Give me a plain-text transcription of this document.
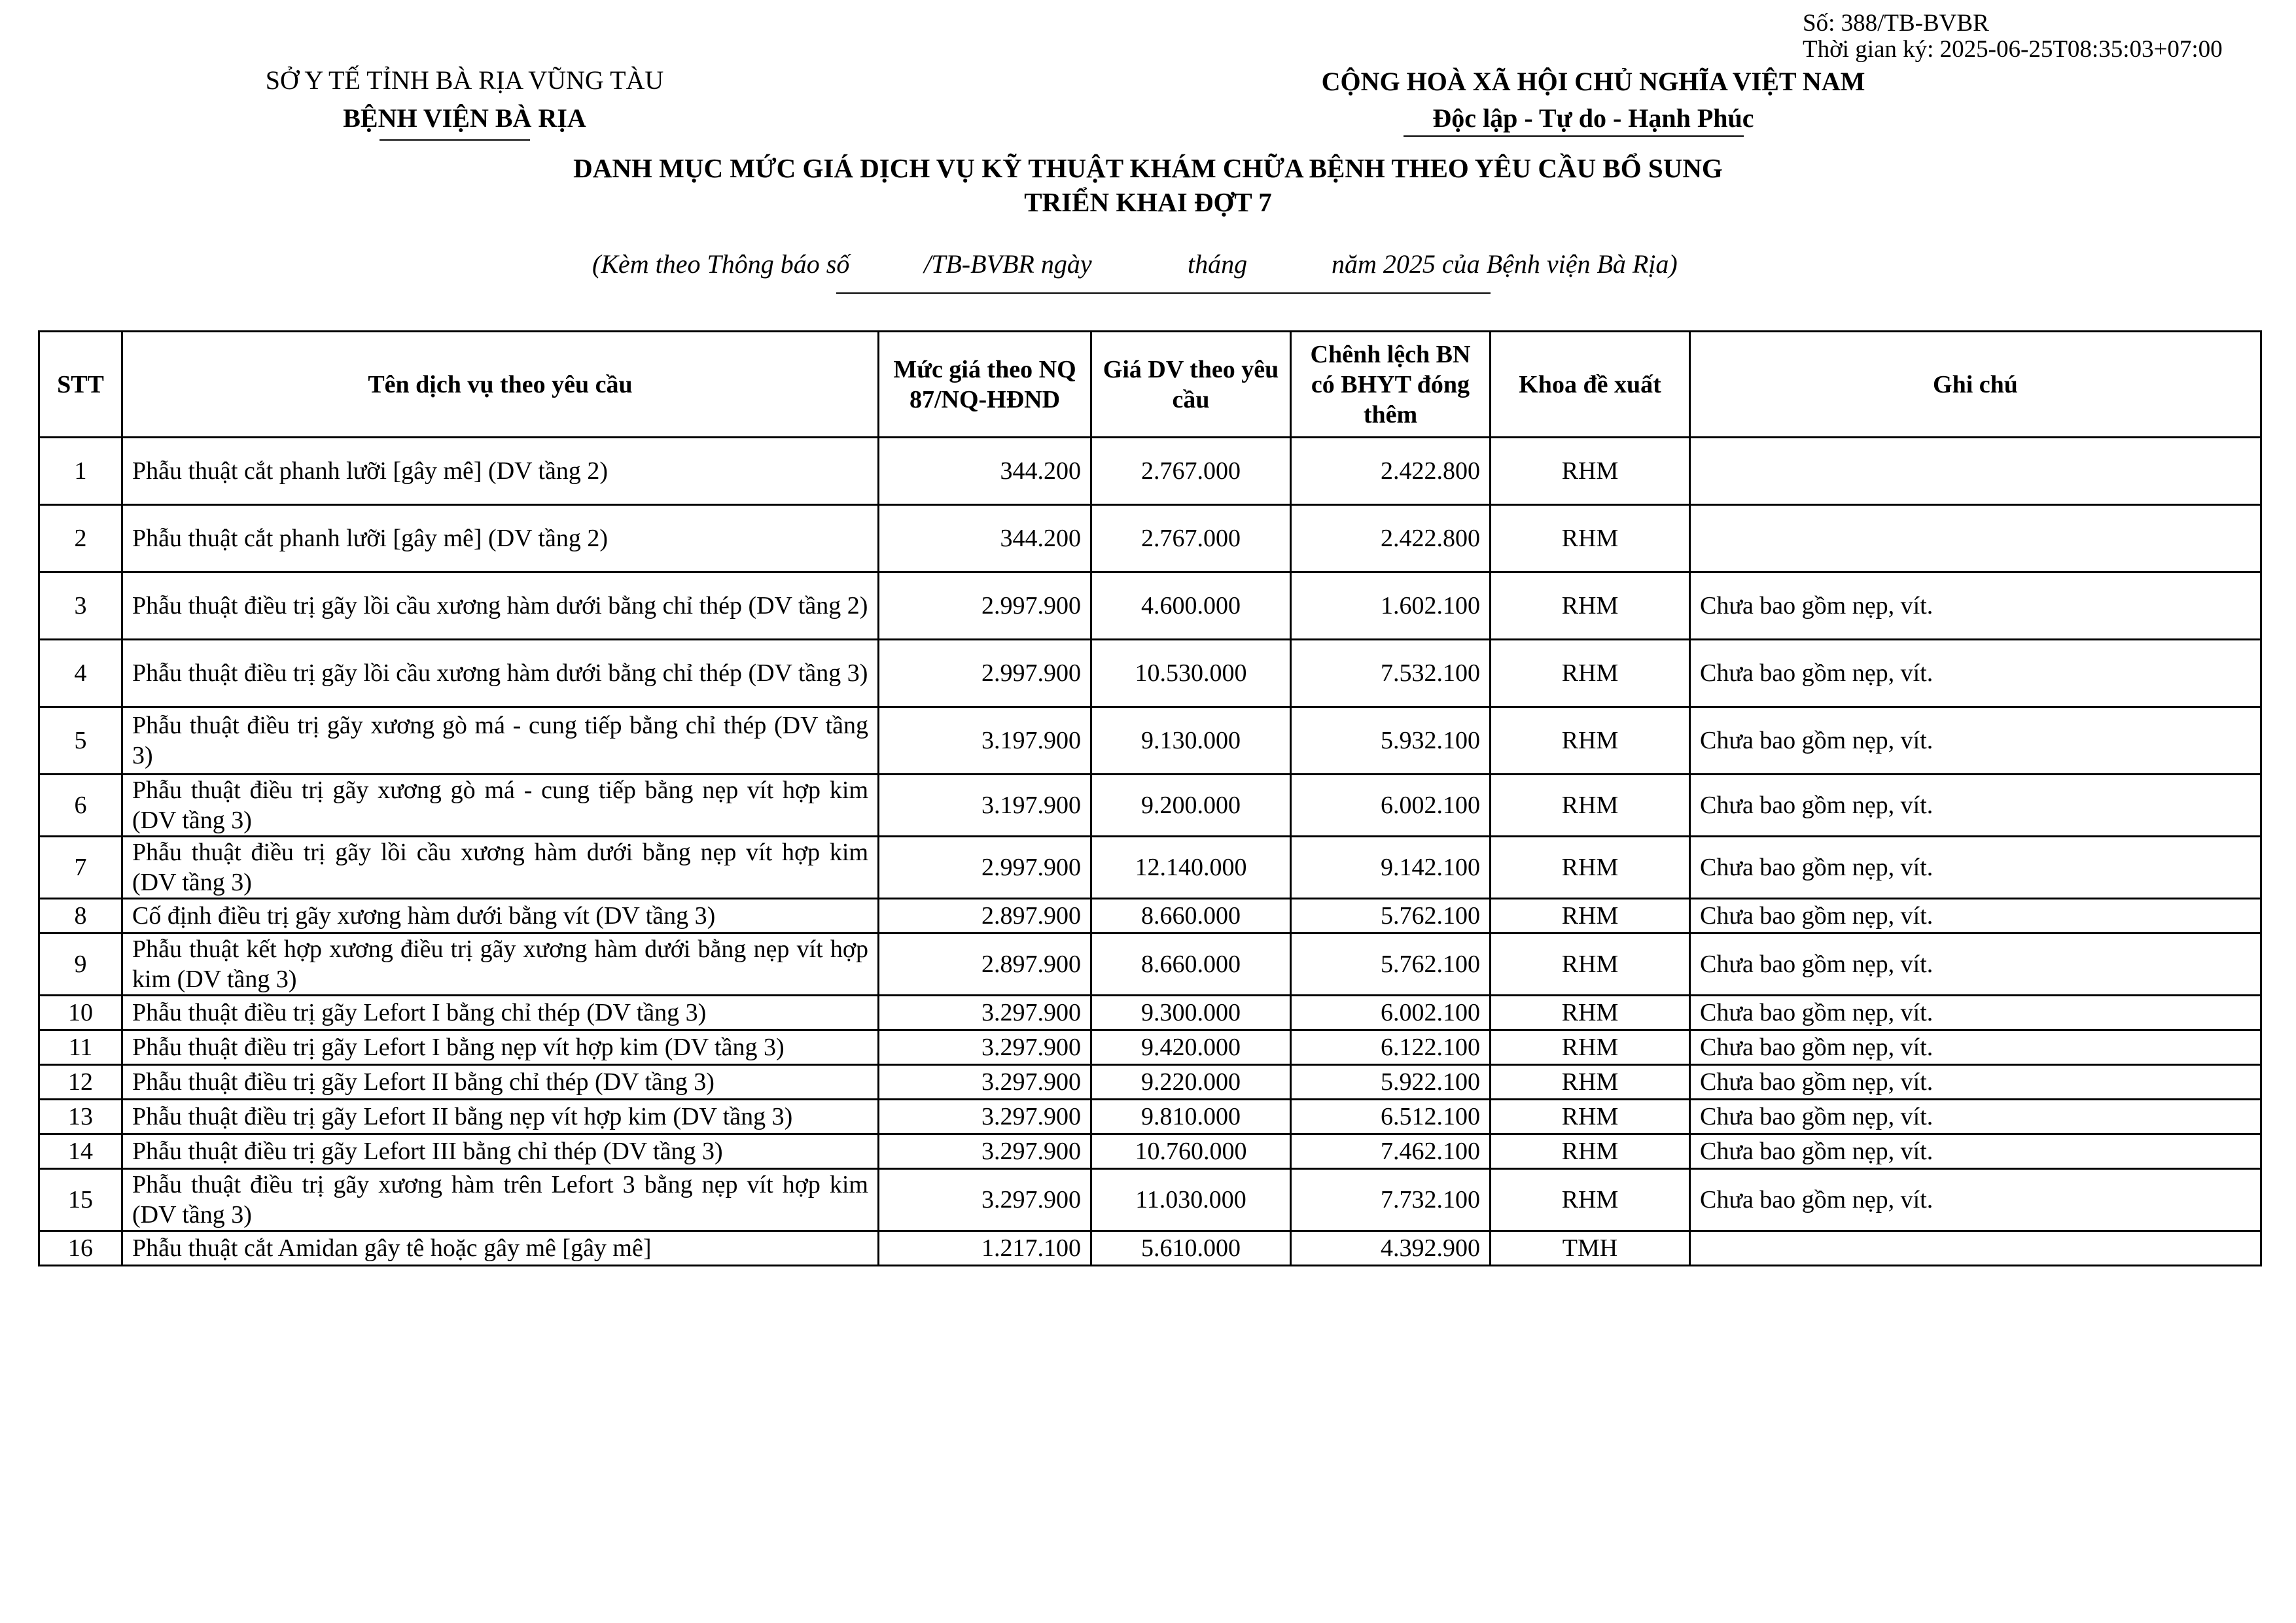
Số: 388/TB-BVBR
Thời gian ký: 2025-06-25T08:35:03+07:00
SỞ Y TẾ TỈNH BÀ RỊA VŨNG TÀU
BỆNH VIỆN BÀ RỊA
CỘNG HOÀ XÃ HỘI CHỦ NGHĨA VIỆT NAM
Độc lập - Tự do - Hạnh Phúc
DANH MỤC MỨC GIÁ DỊCH VỤ KỸ THUẬT KHÁM CHỮA BỆNH THEO YÊU CẦU BỔ SUNG
TRIỂN KHAI ĐỢT 7
(Kèm theo Thông báo số	/TB-BVBR ngày	tháng	năm 2025 của Bệnh viện Bà Rịa)
STT	Tên dịch vụ theo yêu cầu	Mức giá theo NQ 87/NQ-HĐND	Giá DV theo yêu cầu	Chênh lệch BN có BHYT đóng thêm	Khoa đề xuất	Ghi chú
1	Phẫu thuật cắt phanh lưỡi [gây mê] (DV tầng 2)	344.200	2.767.000	2.422.800	RHM	
2	Phẫu thuật cắt phanh lưỡi [gây mê] (DV tầng 2)	344.200	2.767.000	2.422.800	RHM	
3	Phẫu thuật điều trị gãy lồi cầu xương hàm dưới bằng chỉ thép (DV tầng 2)	2.997.900	4.600.000	1.602.100	RHM	Chưa bao gồm nẹp, vít.
4	Phẫu thuật điều trị gãy lồi cầu xương hàm dưới bằng chỉ thép (DV tầng 3)	2.997.900	10.530.000	7.532.100	RHM	Chưa bao gồm nẹp, vít.
5	Phẫu thuật điều trị gãy xương gò má - cung tiếp bằng chỉ thép (DV tầng 3)	3.197.900	9.130.000	5.932.100	RHM	Chưa bao gồm nẹp, vít.
6	Phẫu thuật điều trị gãy xương gò má - cung tiếp bằng nẹp vít hợp kim (DV tầng 3)	3.197.900	9.200.000	6.002.100	RHM	Chưa bao gồm nẹp, vít.
7	Phẫu thuật điều trị gãy lồi cầu xương hàm dưới bằng nẹp vít hợp kim (DV tầng 3)	2.997.900	12.140.000	9.142.100	RHM	Chưa bao gồm nẹp, vít.
8	Cố định điều trị gãy xương hàm dưới bằng vít (DV tầng 3)	2.897.900	8.660.000	5.762.100	RHM	Chưa bao gồm nẹp, vít.
9	Phẫu thuật kết hợp xương điều trị gãy xương hàm dưới bằng nẹp vít hợp kim (DV tầng 3)	2.897.900	8.660.000	5.762.100	RHM	Chưa bao gồm nẹp, vít.
10	Phẫu thuật điều trị gãy Lefort I bằng chỉ thép (DV tầng 3)	3.297.900	9.300.000	6.002.100	RHM	Chưa bao gồm nẹp, vít.
11	Phẫu thuật điều trị gãy Lefort I bằng nẹp vít hợp kim (DV tầng 3)	3.297.900	9.420.000	6.122.100	RHM	Chưa bao gồm nẹp, vít.
12	Phẫu thuật điều trị gãy Lefort II bằng chỉ thép (DV tầng 3)	3.297.900	9.220.000	5.922.100	RHM	Chưa bao gồm nẹp, vít.
13	Phẫu thuật điều trị gãy Lefort II bằng nẹp vít hợp kim (DV tầng 3)	3.297.900	9.810.000	6.512.100	RHM	Chưa bao gồm nẹp, vít.
14	Phẫu thuật điều trị gãy Lefort III bằng chỉ thép (DV tầng 3)	3.297.900	10.760.000	7.462.100	RHM	Chưa bao gồm nẹp, vít.
15	Phẫu thuật điều trị gãy xương hàm trên Lefort 3 bằng nẹp vít hợp kim (DV tầng 3)	3.297.900	11.030.000	7.732.100	RHM	Chưa bao gồm nẹp, vít.
16	Phẫu thuật cắt Amidan gây tê hoặc gây mê [gây mê]	1.217.100	5.610.000	4.392.900	TMH	
